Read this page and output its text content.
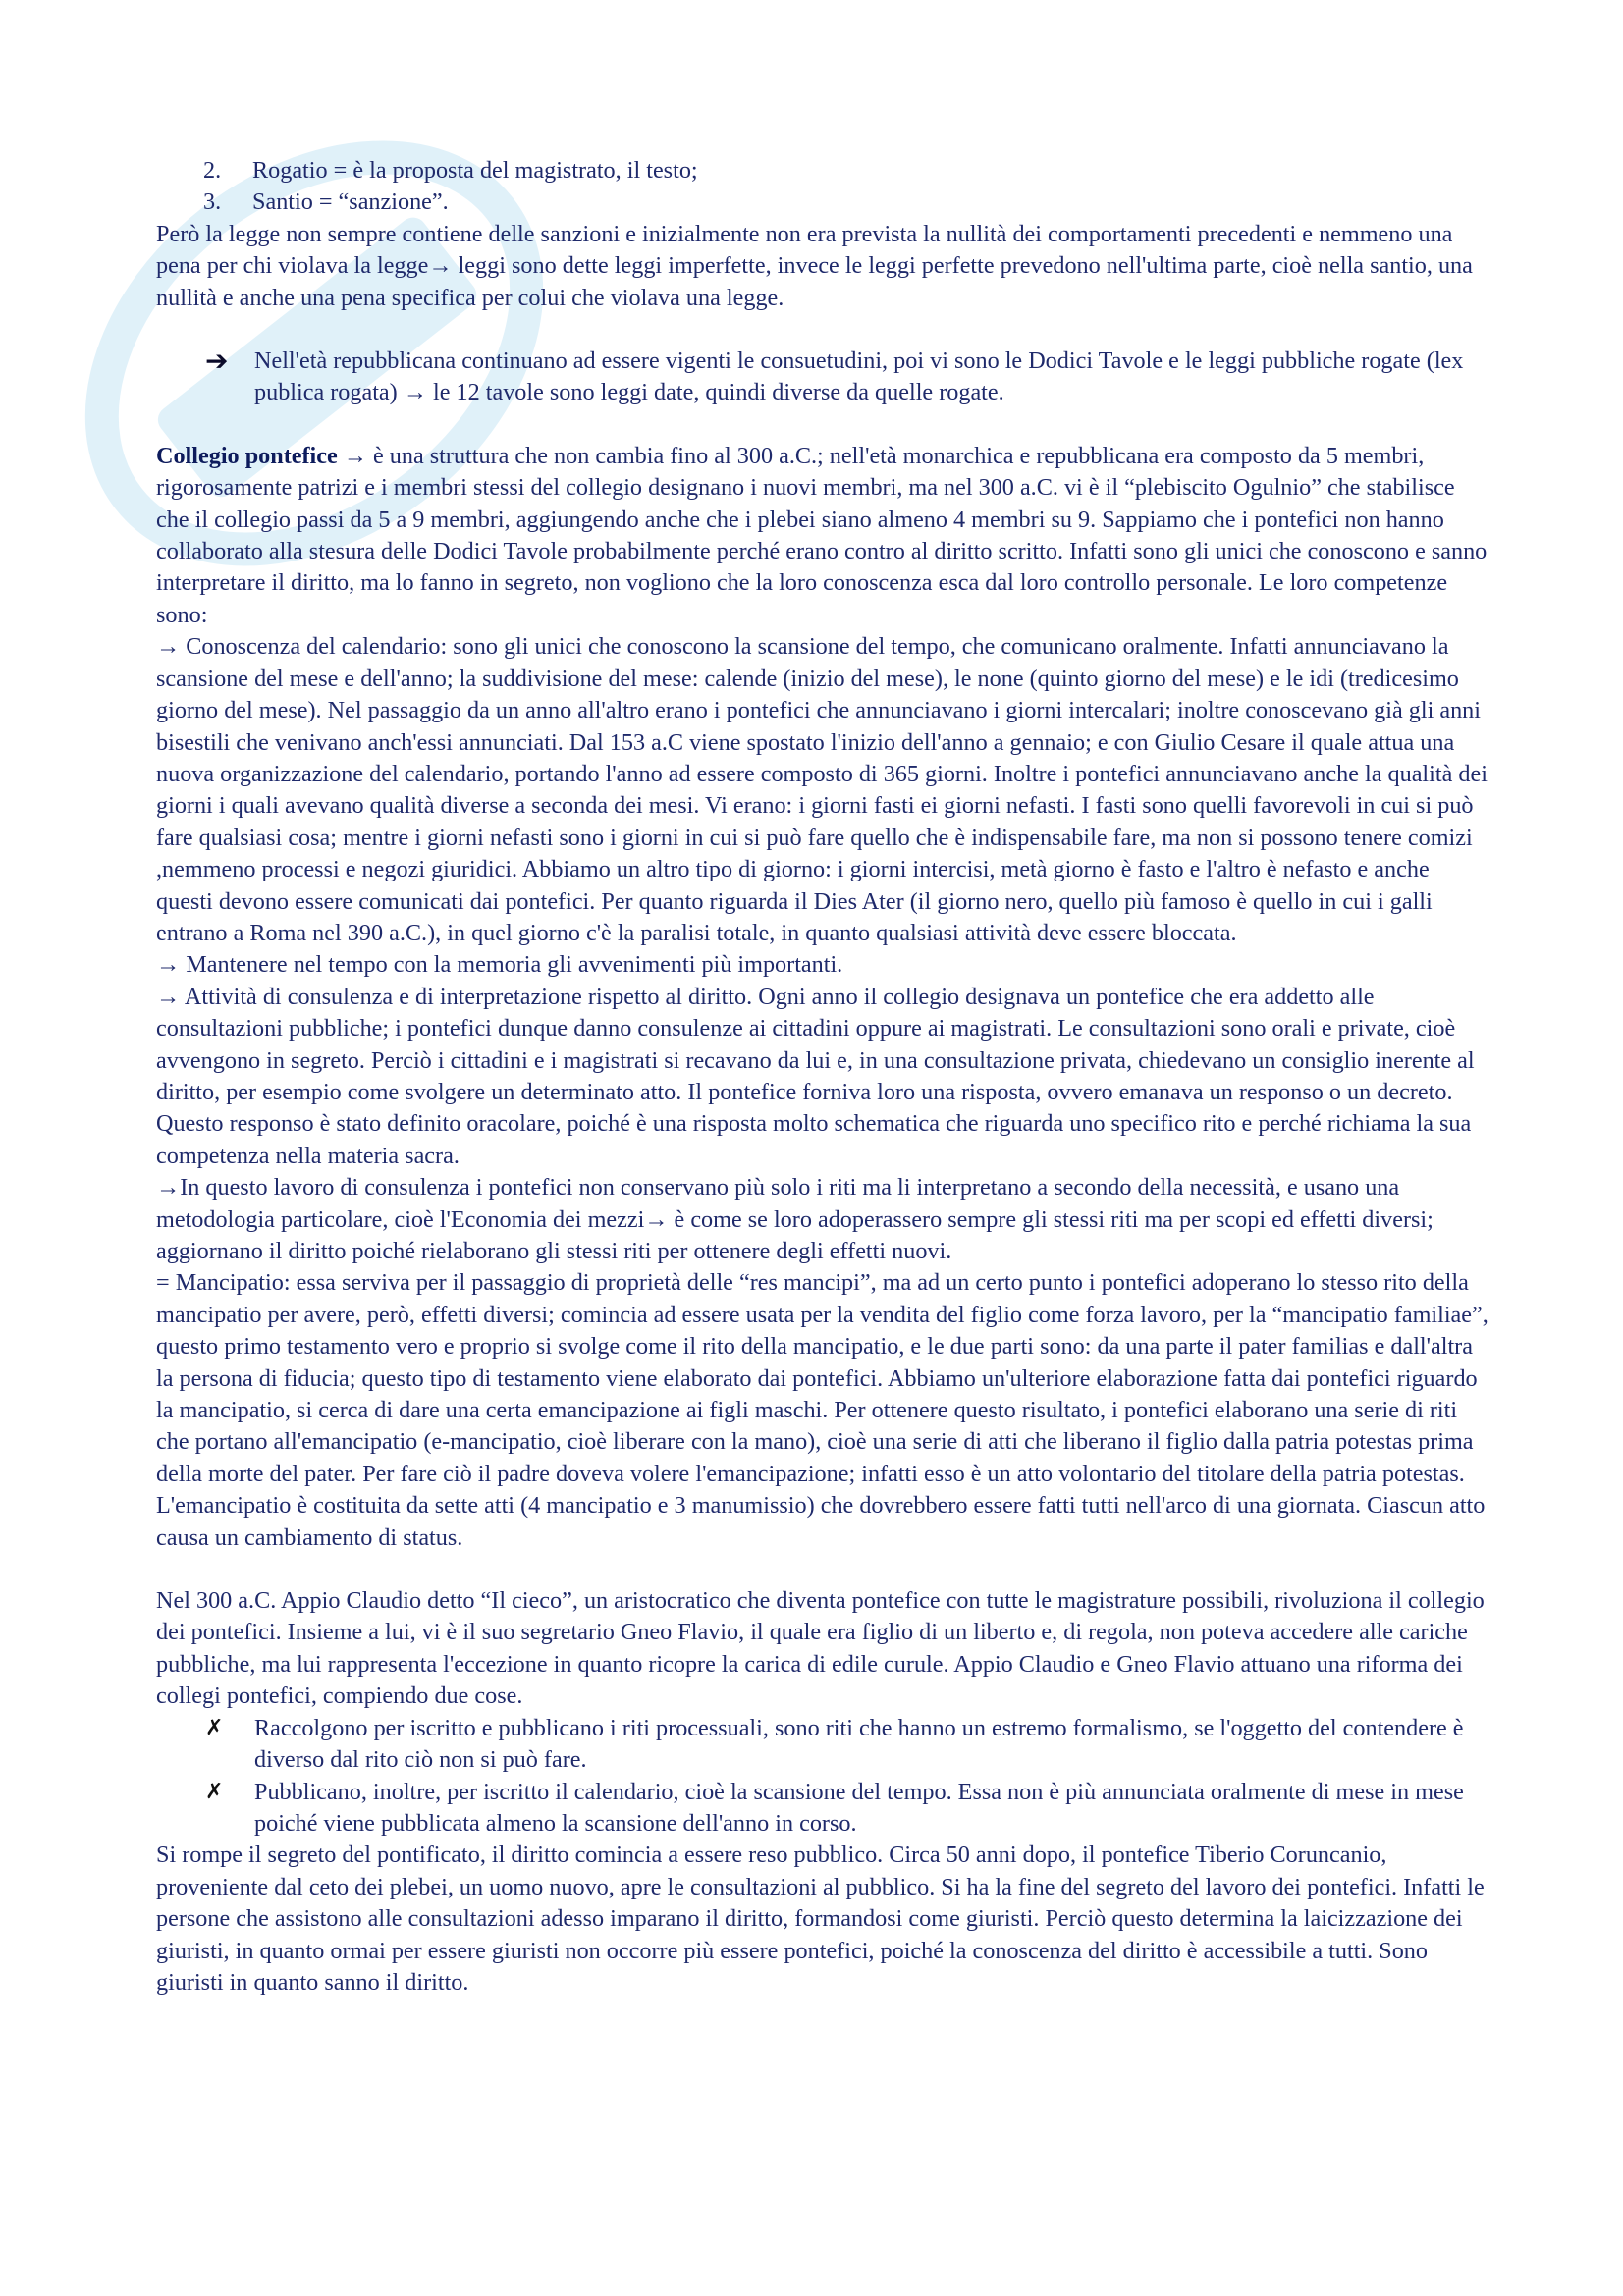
2.	Rogatio = è la proposta del magistrato, il testo;
3.	Santio = “sanzione”.

Però la legge non sempre contiene delle sanzioni e inizialmente non era prevista la nullità dei comportamenti precedenti e nemmeno una pena per chi violava la legge→ leggi sono dette leggi imperfette, invece le leggi perfette prevedono nell'ultima parte, cioè nella santio, una nullità e anche una pena specifica per colui che violava una legge.

➔	Nell'età repubblicana continuano ad essere vigenti le consuetudini, poi vi sono le Dodici Tavole e le leggi pubbliche rogate (lex publica rogata) → le 12 tavole sono leggi date, quindi diverse da quelle rogate.

Collegio pontefice → è una struttura che non cambia fino al 300 a.C.; nell'età monarchica e repubblicana era composto da 5 membri, rigorosamente patrizi e i membri stessi del collegio designano i nuovi membri, ma nel 300 a.C. vi è il “plebiscito Ogulnio” che stabilisce che il collegio passi da 5 a 9 membri, aggiungendo anche che i plebei siano almeno 4 membri su 9. Sappiamo che i pontefici non hanno collaborato alla stesura delle Dodici Tavole probabilmente perché erano contro al diritto scritto. Infatti sono gli unici che conoscono e sanno interpretare il diritto, ma lo fanno in segreto, non vogliono che la loro conoscenza esca dal loro controllo personale. Le loro competenze sono:

→ Conoscenza del calendario: sono gli unici che conoscono la scansione del tempo, che comunicano oralmente. Infatti annunciavano la scansione del mese e dell'anno; la suddivisione del mese: calende (inizio del mese), le none (quinto giorno del mese) e le idi (tredicesimo giorno del mese). Nel passaggio da un anno all'altro erano i pontefici che annunciavano i giorni intercalari; inoltre conoscevano già gli anni bisestili che venivano anch'essi annunciati. Dal 153 a.C viene spostato l'inizio dell'anno a gennaio; e con Giulio Cesare il quale attua una nuova organizzazione del calendario, portando l'anno ad essere composto di 365 giorni. Inoltre i pontefici annunciavano anche la qualità dei giorni i quali avevano qualità diverse a seconda dei mesi. Vi erano: i giorni fasti ei giorni nefasti. I fasti sono quelli favorevoli in cui si può fare qualsiasi cosa; mentre i giorni nefasti sono i giorni in cui si può fare quello che è indispensabile fare, ma non si possono tenere comizi ,nemmeno processi e negozi giuridici. Abbiamo un altro tipo di giorno: i giorni intercisi, metà giorno è fasto e l'altro è nefasto e anche questi devono essere comunicati dai pontefici. Per quanto riguarda il Dies Ater (il giorno nero, quello più famoso è quello in cui i galli entrano a Roma nel 390 a.C.), in quel giorno c'è la paralisi totale, in quanto qualsiasi attività deve essere bloccata.

→ Mantenere nel tempo con la memoria gli avvenimenti più importanti.

→ Attività di consulenza e di interpretazione rispetto al diritto. Ogni anno il collegio designava un pontefice che era addetto alle consultazioni pubbliche; i pontefici dunque danno consulenze ai cittadini oppure ai magistrati. Le consultazioni sono orali e private, cioè avvengono in segreto. Perciò i cittadini e i magistrati si recavano da lui e, in una consultazione privata, chiedevano un consiglio inerente al diritto, per esempio come svolgere un determinato atto. Il pontefice forniva loro una risposta, ovvero emanava un responso o un decreto. Questo responso è stato definito oracolare, poiché è una risposta molto schematica che riguarda uno specifico rito e perché richiama la sua competenza nella materia sacra.

→In questo lavoro di consulenza i pontefici non conservano più solo i riti ma li interpretano a secondo della necessità, e usano una metodologia particolare, cioè l'Economia dei mezzi→ è come se loro adoperassero sempre gli stessi riti ma per scopi ed effetti diversi; aggiornano il diritto poiché rielaborano gli stessi riti per ottenere degli effetti nuovi.

= Mancipatio: essa serviva per il passaggio di proprietà delle “res mancipi”, ma ad un certo punto i pontefici adoperano lo stesso rito della mancipatio per avere, però, effetti diversi; comincia ad essere usata per la vendita del figlio come forza lavoro, per la “mancipatio familiae”, questo primo testamento vero e proprio si svolge come il rito della mancipatio, e le due parti sono: da una parte il pater familias e dall'altra la persona di fiducia; questo tipo di testamento viene elaborato dai pontefici. Abbiamo un'ulteriore elaborazione fatta dai pontefici riguardo la mancipatio, si cerca di dare una certa emancipazione ai figli maschi. Per ottenere questo risultato, i pontefici elaborano una serie di riti che portano all'emancipatio (e-mancipatio, cioè liberare con la mano), cioè una serie di atti che liberano il figlio dalla patria potestas prima della morte del pater. Per fare ciò il padre doveva volere l'emancipazione; infatti esso è un atto volontario del titolare della patria potestas. L'emancipatio è costituita da sette atti (4 mancipatio e 3 manumissio) che dovrebbero essere fatti tutti nell'arco di una giornata. Ciascun atto causa un cambiamento di status.

Nel 300 a.C. Appio Claudio detto “Il cieco”, un aristocratico che diventa pontefice con tutte le magistrature possibili, rivoluziona il collegio dei pontefici. Insieme a lui, vi è il suo segretario Gneo Flavio, il quale era figlio di un liberto e, di regola, non poteva accedere alle cariche pubbliche, ma lui rappresenta l'eccezione in quanto ricopre la carica di edile curule. Appio Claudio e Gneo Flavio attuano una riforma dei collegi pontefici, compiendo due cose.

✗	Raccolgono per iscritto e pubblicano i riti processuali, sono riti che hanno un estremo formalismo, se l'oggetto del contendere è diverso dal rito ciò non si può fare.
✗	Pubblicano, inoltre, per iscritto il calendario, cioè la scansione del tempo. Essa non è più annunciata oralmente di mese in mese poiché viene pubblicata almeno la scansione dell'anno in corso.

Si rompe il segreto del pontificato, il diritto comincia a essere reso pubblico. Circa 50 anni dopo, il pontefice Tiberio Coruncanio, proveniente dal ceto dei plebei, un uomo nuovo, apre le consultazioni al pubblico. Si ha la fine del segreto del lavoro dei pontefici. Infatti le persone che assistono alle consultazioni adesso imparano il diritto, formandosi come giuristi. Perciò questo determina la laicizzazione dei giuristi, in quanto ormai per essere giuristi non occorre più essere pontefici, poiché la conoscenza del diritto è accessibile a tutti. Sono giuristi in quanto sanno il diritto.
